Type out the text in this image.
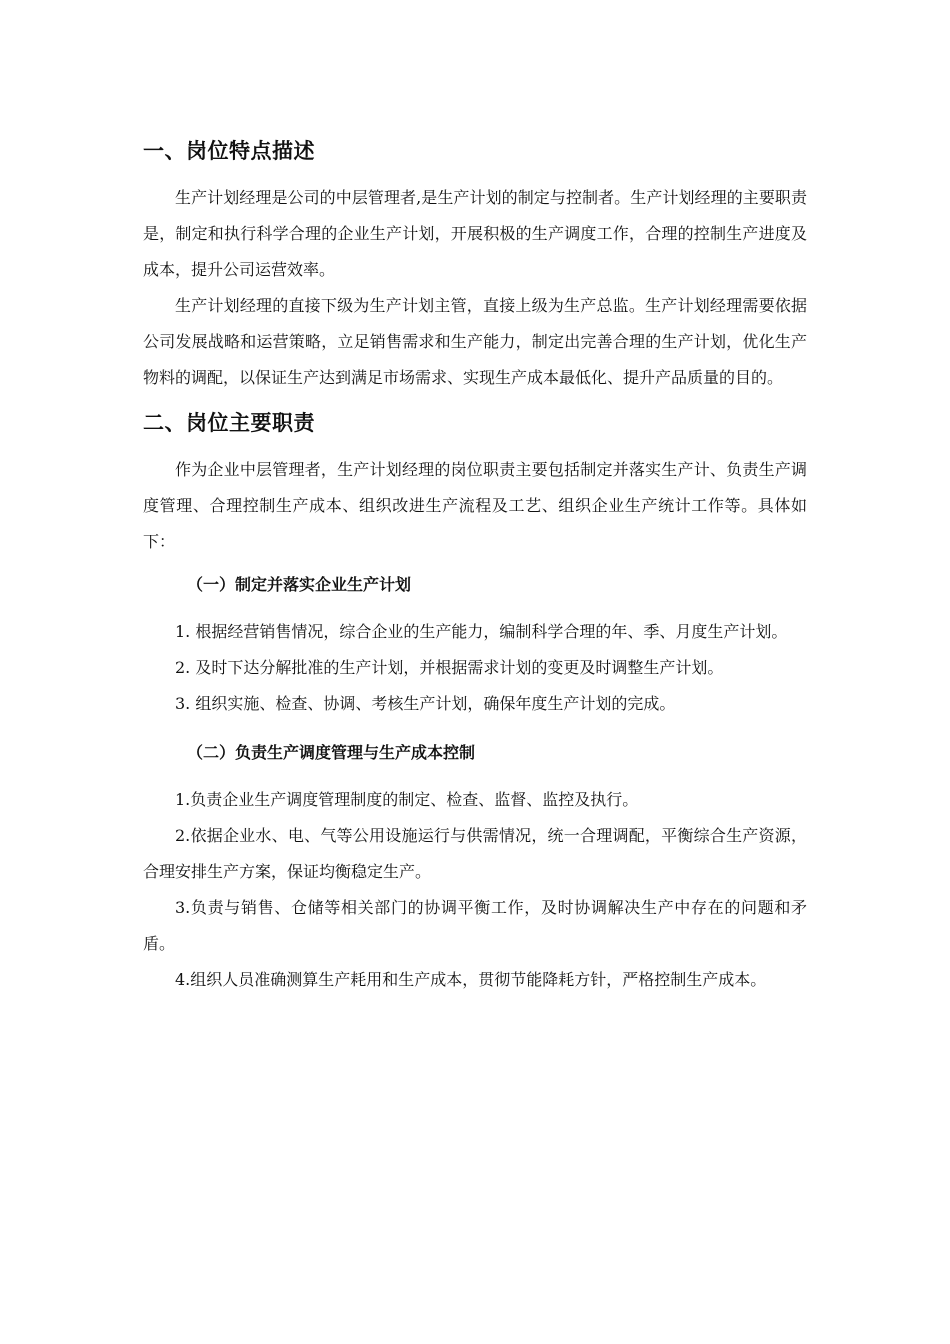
一、岗位特点描述

生产计划经理是公司的中层管理者,是生产计划的制定与控制者。生产计划经理的主要职责是，制定和执行科学合理的企业生产计划，开展积极的生产调度工作，合理的控制生产进度及成本，提升公司运营效率。

生产计划经理的直接下级为生产计划主管，直接上级为生产总监。生产计划经理需要依据公司发展战略和运营策略，立足销售需求和生产能力，制定出完善合理的生产计划，优化生产物料的调配，以保证生产达到满足市场需求、实现生产成本最低化、提升产品质量的目的。

二、岗位主要职责

作为企业中层管理者，生产计划经理的岗位职责主要包括制定并落实生产计、负责生产调度管理、合理控制生产成本、组织改进生产流程及工艺、组织企业生产统计工作等。具体如下：

（一）制定并落实企业生产计划

1. 根据经营销售情况，综合企业的生产能力，编制科学合理的年、季、月度生产计划。

2. 及时下达分解批准的生产计划，并根据需求计划的变更及时调整生产计划。

3. 组织实施、检查、协调、考核生产计划，确保年度生产计划的完成。

（二）负责生产调度管理与生产成本控制

1.负责企业生产调度管理制度的制定、检查、监督、监控及执行。

2.依据企业水、电、气等公用设施运行与供需情况，统一合理调配，平衡综合生产资源，合理安排生产方案，保证均衡稳定生产。

3.负责与销售、仓储等相关部门的协调平衡工作，及时协调解决生产中存在的问题和矛盾。

4.组织人员准确测算生产耗用和生产成本，贯彻节能降耗方针，严格控制生产成本。
